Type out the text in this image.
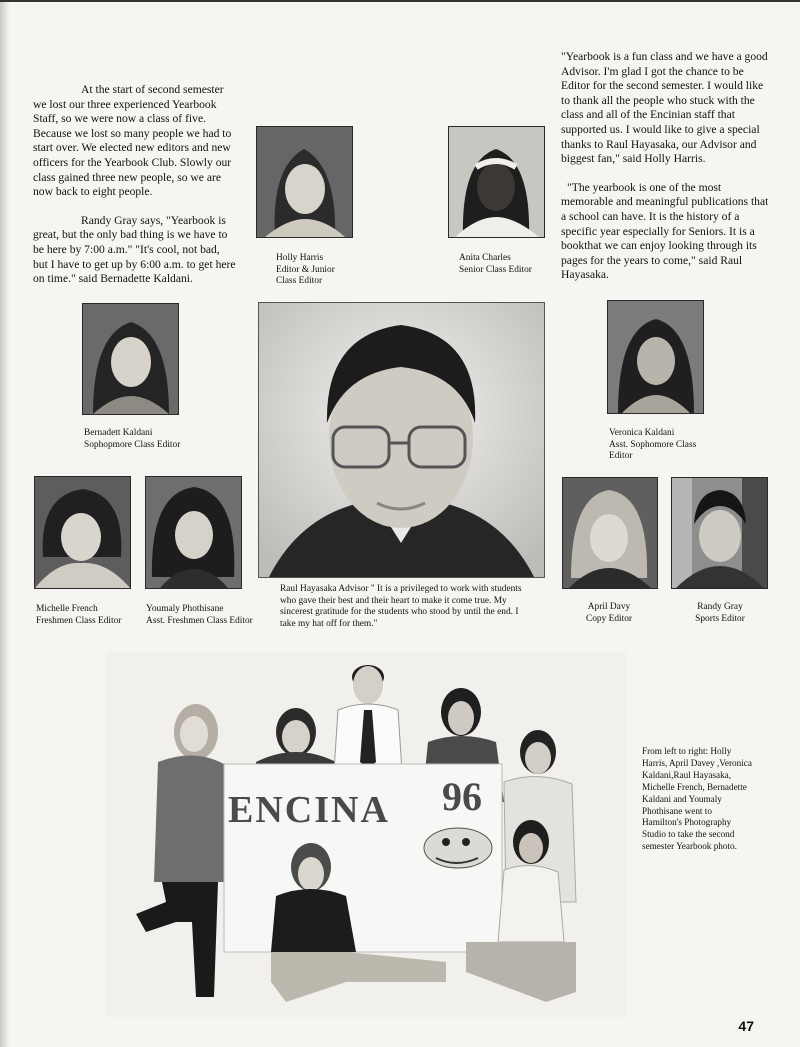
At the start of second semester we lost our three experienced Yearbook Staff, so we were now a class of five. Because we lost so many people we had to start over. We elected new editors and new officers for the Yearbook Club. Slowly our class gained three new people, so we are now back to eight people.

Randy Gray says, "Yearbook is great, but the only bad thing is we have to be here by 7:00 a.m." "It's cool, not bad, but I have to get up by 6:00 a.m. to get here on time." said Bernadette Kaldani.

"Yearbook is a fun class and we have a good Advisor. I'm glad I got the chance to be Editor for the second semester. I would like to thank all the people who stuck with the class and all of the Encinian staff that supported us. I would like to give a special thanks to Raul Hayasaka, our Advisor and biggest fan," said Holly Harris.

"The yearbook is one of the most memorable and meaningful publications that a school can have. It is the history of a specific year especially for Seniors. It is a bookthat we can enjoy looking through its pages for the years to come," said Raul Hayasaka.

Holly Harris
Editor & Junior
Class Editor
Anita Charles
Senior Class Editor
Bernadett Kaldani
Sophopmore Class Editor
Raul Hayasaka Advisor " It is a privileged to work with students who gave their best and their heart to make it come true. My sincerest gratitude for the students who stood by until the end. I take my hat off for them."
Veronica Kaldani
Asst. Sophomore Class
Editor
Michelle French
Freshmen Class Editor
Youmaly Phothisane
Asst. Freshmen Class Editor
April Davy
Copy Editor
Randy Gray
Sports Editor
ENCINA 96
From left to right: Holly Harris, April Davey ,Veronica Kaldani,Raul Hayasaka, Michelle French, Bernadette Kaldani and Youmaly Phothisane went to Hamilton's Photography Studio to take the second semester Yearbook photo.
47
